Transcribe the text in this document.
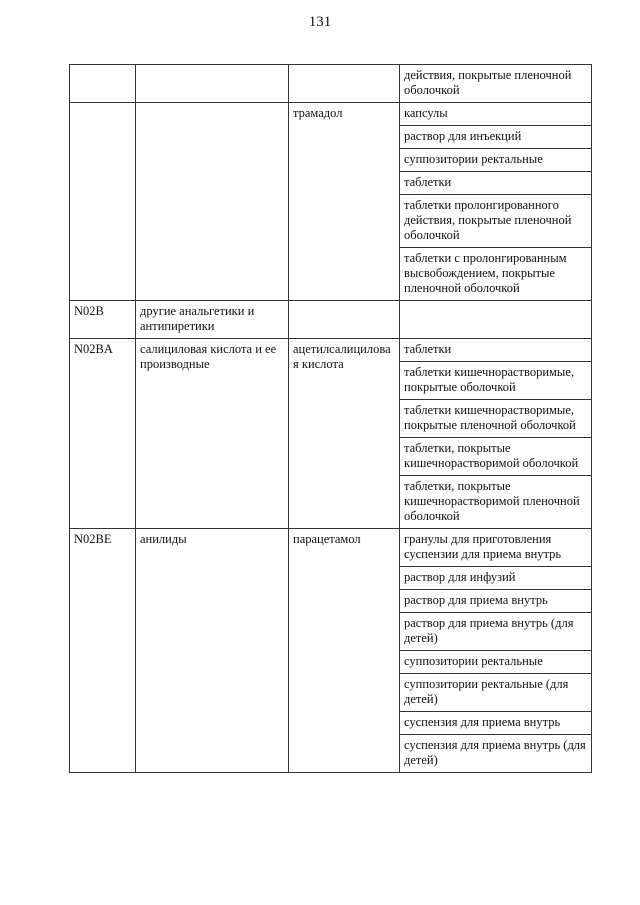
131
			действия, покрытые пленочной оболочкой
		трамадол	капсулы
			раствор для инъекций
			суппозитории ректальные
			таблетки
			таблетки пролонгированного действия, покрытые пленочной оболочкой
			таблетки с пролонгированным высвобождением, покрытые пленочной оболочкой
N02B	другие анальгетики и антипиретики		
N02BA	салициловая кислота и ее производные	ацетилсалициловая кислота	таблетки
			таблетки кишечнорастворимые, покрытые оболочкой
			таблетки кишечнорастворимые, покрытые пленочной оболочкой
			таблетки, покрытые кишечнорастворимой оболочкой
			таблетки, покрытые кишечнорастворимой пленочной оболочкой
N02BE	анилиды	парацетамол	гранулы для приготовления суспензии для приема внутрь
			раствор для инфузий
			раствор для приема внутрь
			раствор для приема внутрь (для детей)
			суппозитории ректальные
			суппозитории ректальные (для детей)
			суспензия для приема внутрь
			суспензия для приема внутрь (для детей)
